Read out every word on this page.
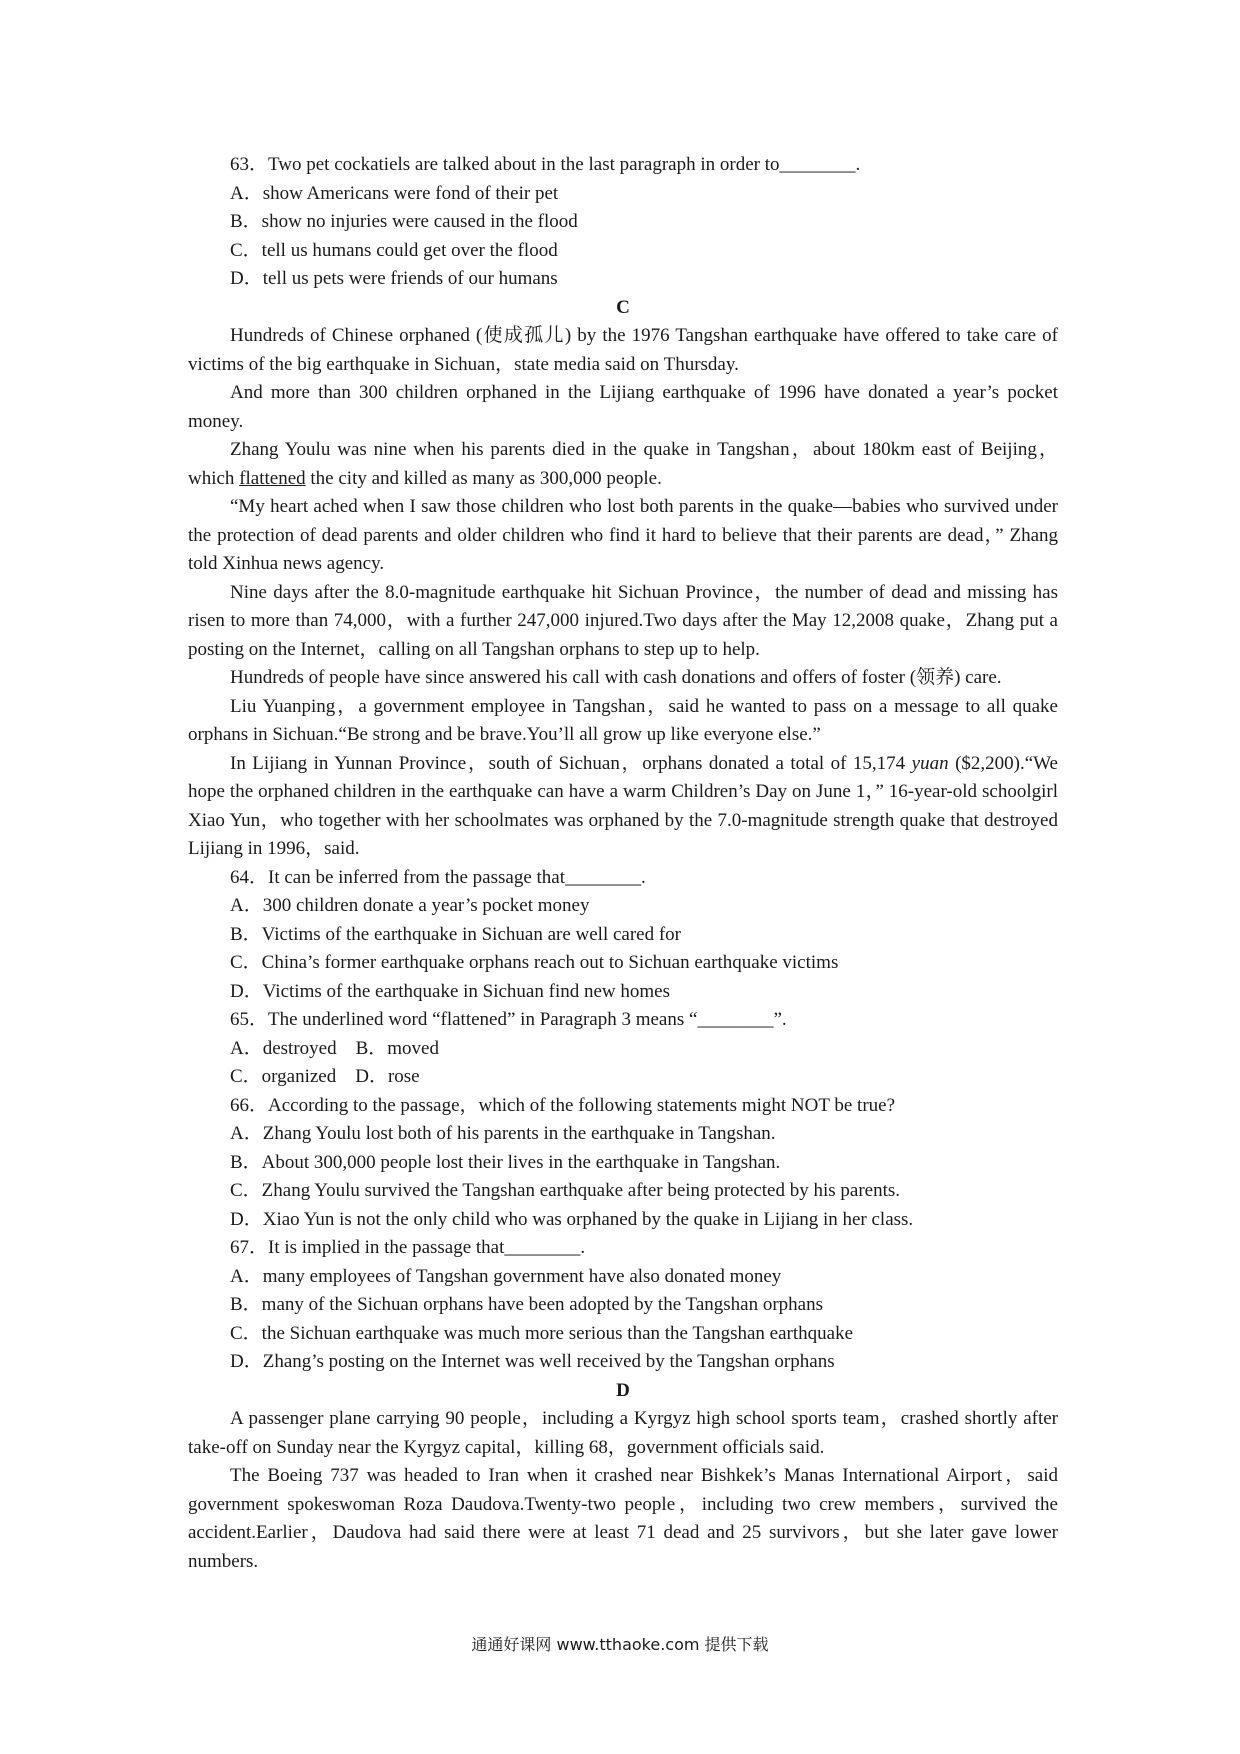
63．Two pet cockatiels are talked about in the last paragraph in order to________.

A．show Americans were fond of their pet

B．show no injuries were caused in the flood

C．tell us humans could get over the flood

D．tell us pets were friends of our humans

C

Hundreds of Chinese orphaned (使成孤儿) by the 1976 Tangshan earthquake have offered to take care of victims of the big earthquake in Sichuan，state media said on Thursday.

And more than 300 children orphaned in the Lijiang earthquake of 1996 have donated a year’s pocket money.

Zhang Youlu was nine when his parents died in the quake in Tangshan，about 180km east of Beijing，which flattened the city and killed as many as 300,000 people.

“My heart ached when I saw those children who lost both parents in the quake—babies who survived under the protection of dead parents and older children who find it hard to believe that their parents are dead，” Zhang told Xinhua news agency.

Nine days after the 8.0-magnitude earthquake hit Sichuan Province，the number of dead and missing has risen to more than 74,000，with a further 247,000 injured.Two days after the May 12,2008 quake，Zhang put a posting on the Internet，calling on all Tangshan orphans to step up to help.

Hundreds of people have since answered his call with cash donations and offers of foster (领养) care.

Liu Yuanping，a government employee in Tangshan，said he wanted to pass on a message to all quake orphans in Sichuan.“Be strong and be brave.You’ll all grow up like everyone else.”

In Lijiang in Yunnan Province，south of Sichuan，orphans donated a total of 15,174 yuan ($2,200).“We hope the orphaned children in the earthquake can have a warm Children’s Day on June 1，” 16-year-old schoolgirl Xiao Yun，who together with her schoolmates was orphaned by the 7.0-magnitude strength quake that destroyed Lijiang in 1996，said.

64．It can be inferred from the passage that________.

A．300 children donate a year’s pocket money

B．Victims of the earthquake in Sichuan are well cared for

C．China’s former earthquake orphans reach out to Sichuan earthquake victims

D．Victims of the earthquake in Sichuan find new homes

65．The underlined word “flattened” in Paragraph 3 means “________”.

A．destroyed　B．moved

C．organized　D．rose

66．According to the passage，which of the following statements might NOT be true?

A．Zhang Youlu lost both of his parents in the earthquake in Tangshan.

B．About 300,000 people lost their lives in the earthquake in Tangshan.

C．Zhang Youlu survived the Tangshan earthquake after being protected by his parents.

D．Xiao Yun is not the only child who was orphaned by the quake in Lijiang in her class.

67．It is implied in the passage that________.

A．many employees of Tangshan government have also donated money

B．many of the Sichuan orphans have been adopted by the Tangshan orphans

C．the Sichuan earthquake was much more serious than the Tangshan earthquake

D．Zhang’s posting on the Internet was well received by the Tangshan orphans

D

A passenger plane carrying 90 people，including a Kyrgyz high school sports team，crashed shortly after take-off on Sunday near the Kyrgyz capital，killing 68，government officials said.

The Boeing 737 was headed to Iran when it crashed near Bishkek’s Manas International Airport，said government spokeswoman Roza Daudova.Twenty-two people，including two crew members，survived the accident.Earlier，Daudova had said there were at least 71 dead and 25 survivors，but she later gave lower numbers.

通通好课网 www.tthaoke.com 提供下载
